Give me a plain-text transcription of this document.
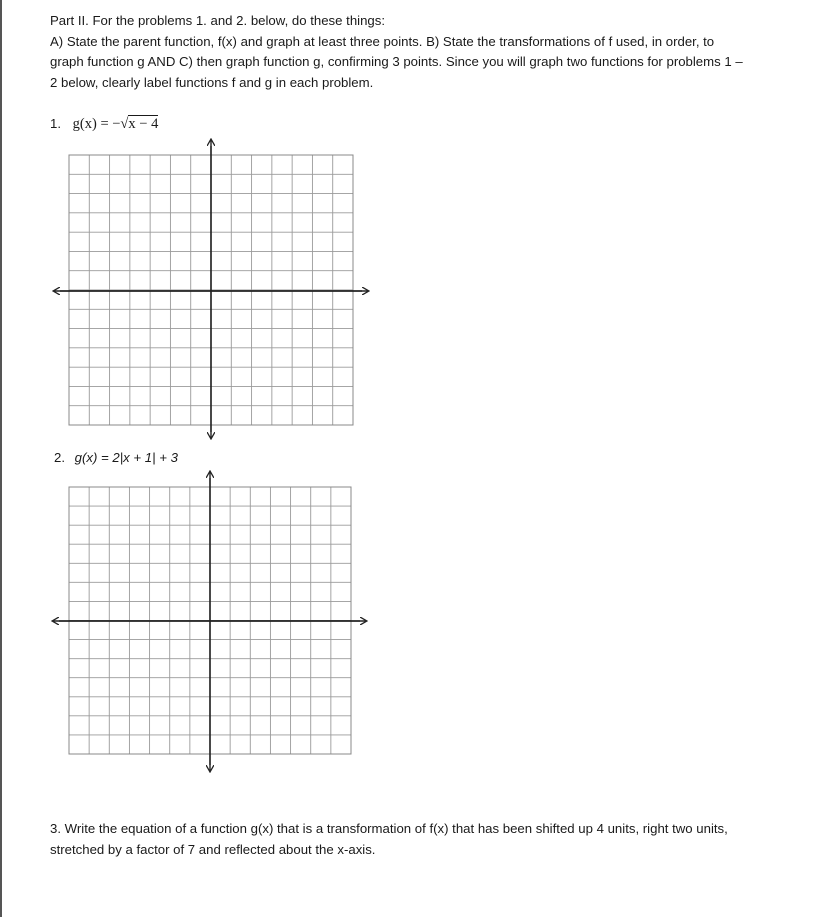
Part II. For the problems 1. and 2. below, do these things:
A) State the parent function, f(x) and graph at least three points. B) State the transformations of f used, in order, to
graph function g AND C) then graph function g, confirming 3 points. Since you will graph two functions for problems 1 –
2 below, clearly label functions f and g in each problem.
1. g(x) = −√x − 4
2. g(x) = 2|x + 1| + 3
3. Write the equation of a function g(x) that is a transformation of f(x) that has been shifted up 4 units, right two units,
stretched by a factor of 7 and reflected about the x-axis.
